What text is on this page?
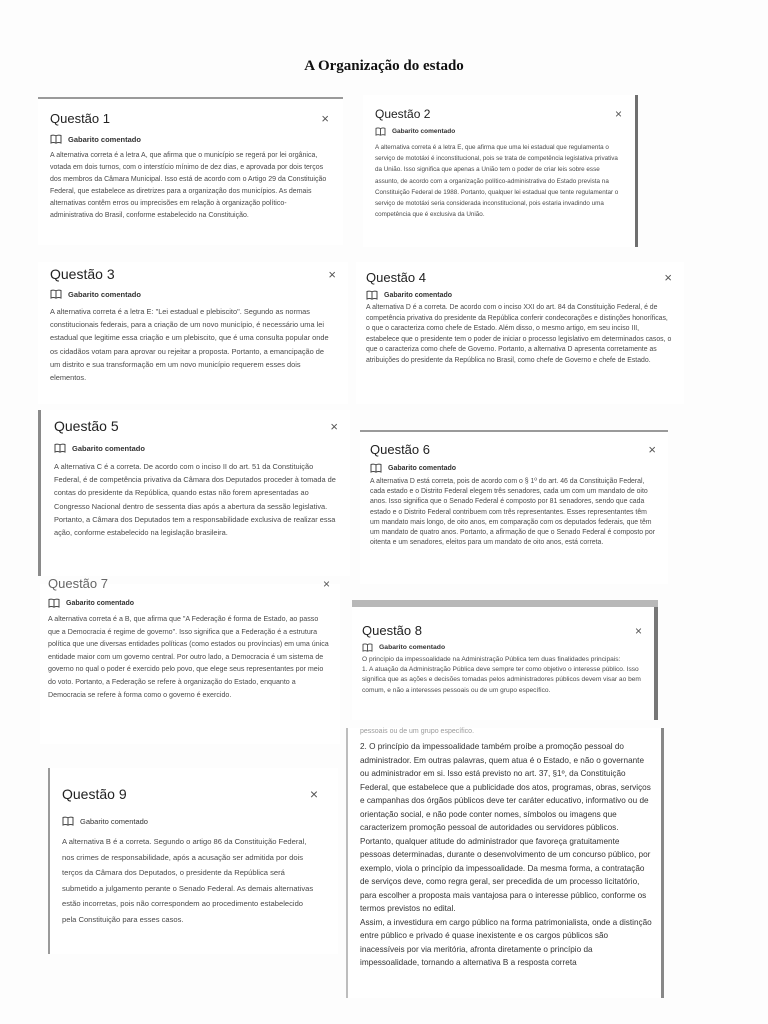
A Organização do estado
Questão 1	×
Gabarito comentado
A alternativa correta é a letra A, que afirma que o município se regerá por lei orgânica, votada em dois turnos, com o interstício mínimo de dez dias, e aprovada por dois terços dos membros da Câmara Municipal. Isso está de acordo com o Artigo 29 da Constituição Federal, que estabelece as diretrizes para a organização dos municípios. As demais alternativas contêm erros ou imprecisões em relação à organização político-administrativa do Brasil, conforme estabelecido na Constituição.
Questão 2	×
Gabarito comentado
A alternativa correta é a letra E, que afirma que uma lei estadual que regulamenta o serviço de mototáxi é inconstitucional, pois se trata de competência legislativa privativa da União. Isso significa que apenas a União tem o poder de criar leis sobre esse assunto, de acordo com a organização político-administrativa do Estado prevista na Constituição Federal de 1988. Portanto, qualquer lei estadual que tente regulamentar o serviço de mototáxi seria considerada inconstitucional, pois estaria invadindo uma competência que é exclusiva da União.
Questão 3	×
Gabarito comentado
A alternativa correta é a letra E: "Lei estadual e plebiscito". Segundo as normas constitucionais federais, para a criação de um novo município, é necessário uma lei estadual que legitime essa criação e um plebiscito, que é uma consulta popular onde os cidadãos votam para aprovar ou rejeitar a proposta. Portanto, a emancipação de um distrito e sua transformação em um novo município requerem esses dois elementos.
Questão 4	×
Gabarito comentado
A alternativa D é a correta. De acordo com o inciso XXI do art. 84 da Constituição Federal, é de competência privativa do presidente da República conferir condecorações e distinções honoríficas, o que o caracteriza como chefe de Estado. Além disso, o mesmo artigo, em seu inciso III, estabelece que o presidente tem o poder de iniciar o processo legislativo em determinados casos, o que o caracteriza como chefe de Governo. Portanto, a alternativa D apresenta corretamente as atribuições do presidente da República no Brasil, como chefe de Governo e chefe de Estado.
Questão 5	×
Gabarito comentado
A alternativa C é a correta. De acordo com o inciso II do art. 51 da Constituição Federal, é de competência privativa da Câmara dos Deputados proceder à tomada de contas do presidente da República, quando estas não forem apresentadas ao Congresso Nacional dentro de sessenta dias após a abertura da sessão legislativa. Portanto, a Câmara dos Deputados tem a responsabilidade exclusiva de realizar essa ação, conforme estabelecido na legislação brasileira.
Questão 6	×
Gabarito comentado
A alternativa D está correta, pois de acordo com o § 1º do art. 46 da Constituição Federal, cada estado e o Distrito Federal elegem três senadores, cada um com um mandato de oito anos. Isso significa que o Senado Federal é composto por 81 senadores, sendo que cada estado e o Distrito Federal contribuem com três representantes. Esses representantes têm um mandato mais longo, de oito anos, em comparação com os deputados federais, que têm um mandato de quatro anos. Portanto, a afirmação de que o Senado Federal é composto por oitenta e um senadores, eleitos para um mandato de oito anos, está correta.
Questão 7	×
Gabarito comentado
A alternativa correta é a B, que afirma que "A Federação é forma de Estado, ao passo que a Democracia é regime de governo". Isso significa que a Federação é a estrutura política que une diversas entidades políticas (como estados ou províncias) em uma única entidade maior com um governo central. Por outro lado, a Democracia é um sistema de governo no qual o poder é exercido pelo povo, que elege seus representantes por meio do voto. Portanto, a Federação se refere à organização do Estado, enquanto a Democracia se refere à forma como o governo é exercido.
Questão 8	×
Gabarito comentado

O princípio da impessoalidade na Administração Pública tem duas finalidades principais:

1. A atuação da Administração Pública deve sempre ter como objetivo o interesse público. Isso significa que as ações e decisões tomadas pelos administradores públicos devem visar ao bem comum, e não a interesses pessoais ou de um grupo específico.

pessoais ou de um grupo específico.

2. O princípio da impessoalidade também proíbe a promoção pessoal do administrador. Em outras palavras, quem atua é o Estado, e não o governante ou administrador em si. Isso está previsto no art. 37, §1º, da Constituição Federal, que estabelece que a publicidade dos atos, programas, obras, serviços e campanhas dos órgãos públicos deve ter caráter educativo, informativo ou de orientação social, e não pode conter nomes, símbolos ou imagens que caracterizem promoção pessoal de autoridades ou servidores públicos.

Portanto, qualquer atitude do administrador que favoreça gratuitamente pessoas determinadas, durante o desenvolvimento de um concurso público, por exemplo, viola o princípio da impessoalidade. Da mesma forma, a contratação de serviços deve, como regra geral, ser precedida de um processo licitatório, para escolher a proposta mais vantajosa para o interesse público, conforme os termos previstos no edital.

Assim, a investidura em cargo público na forma patrimonialista, onde a distinção entre público e privado é quase inexistente e os cargos públicos são inacessíveis por via meritória, afronta diretamente o princípio da impessoalidade, tornando a alternativa B a resposta correta

Questão 9	×
Gabarito comentado
A alternativa B é a correta. Segundo o artigo 86 da Constituição Federal, nos crimes de responsabilidade, após a acusação ser admitida por dois terços da Câmara dos Deputados, o presidente da República será submetido a julgamento perante o Senado Federal. As demais alternativas estão incorretas, pois não correspondem ao procedimento estabelecido pela Constituição para esses casos.
